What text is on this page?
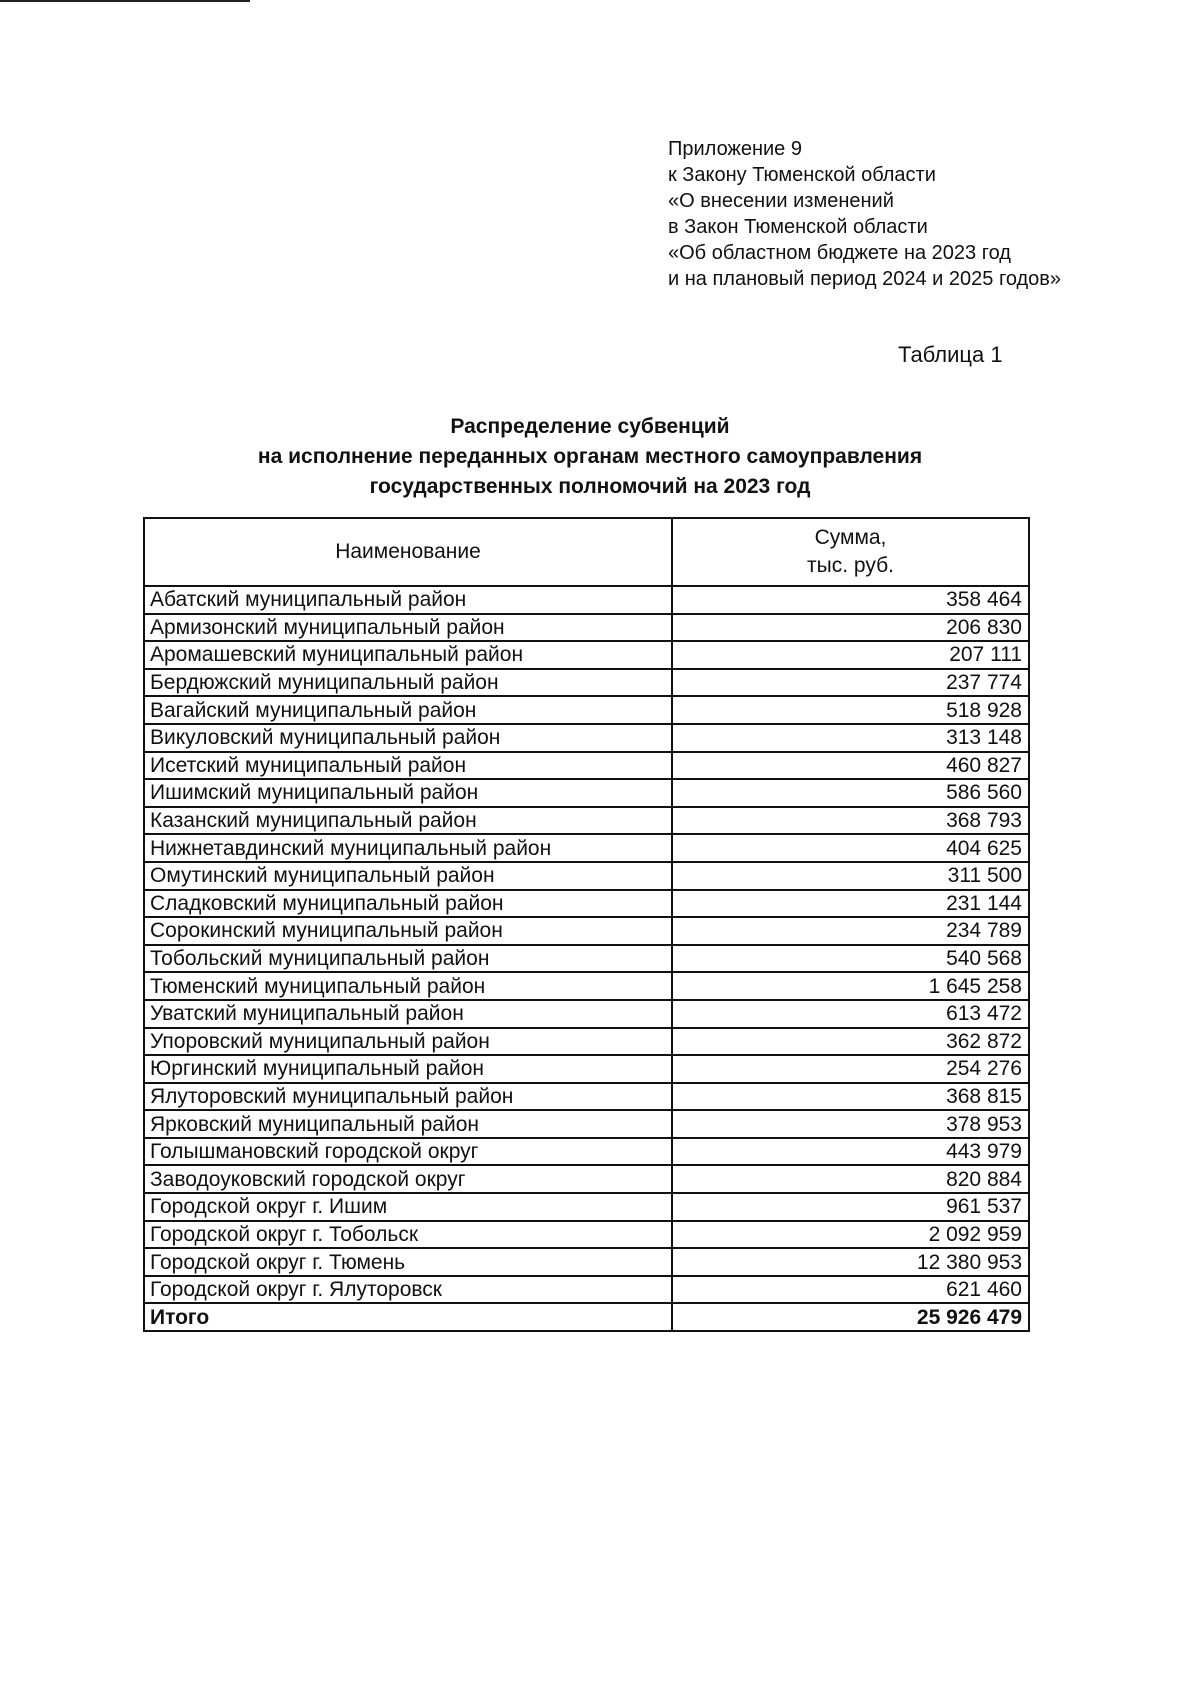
Приложение 9
к Закону Тюменской области
«О внесении изменений
в Закон Тюменской области
«Об областном бюджете на 2023 год
и на плановый период 2024 и 2025 годов»
Таблица 1
Распределение субвенций
на исполнение переданных органам местного самоуправления
государственных полномочий на 2023 год
Наименование	Сумма,
тыс. руб.

Абатский муниципальный район	358 464
Армизонский муниципальный район	206 830
Аромашевский муниципальный район	207 111
Бердюжский муниципальный район	237 774
Вагайский муниципальный район	518 928
Викуловский муниципальный район	313 148
Исетский муниципальный район	460 827
Ишимский муниципальный район	586 560
Казанский муниципальный район	368 793
Нижнетавдинский муниципальный район	404 625
Омутинский муниципальный район	311 500
Сладковский муниципальный район	231 144
Сорокинский муниципальный район	234 789
Тобольский муниципальный район	540 568
Тюменский муниципальный район	1 645 258
Уватский муниципальный район	613 472
Упоровский муниципальный район	362 872
Юргинский муниципальный район	254 276
Ялуторовский муниципальный район	368 815
Ярковский муниципальный район	378 953
Голышмановский городской округ	443 979
Заводоуковский городской округ	820 884
Городской округ г. Ишим	961 537
Городской округ г. Тобольск	2 092 959
Городской округ г. Тюмень	12 380 953
Городской округ г. Ялуторовск	621 460
Итого	25 926 479
